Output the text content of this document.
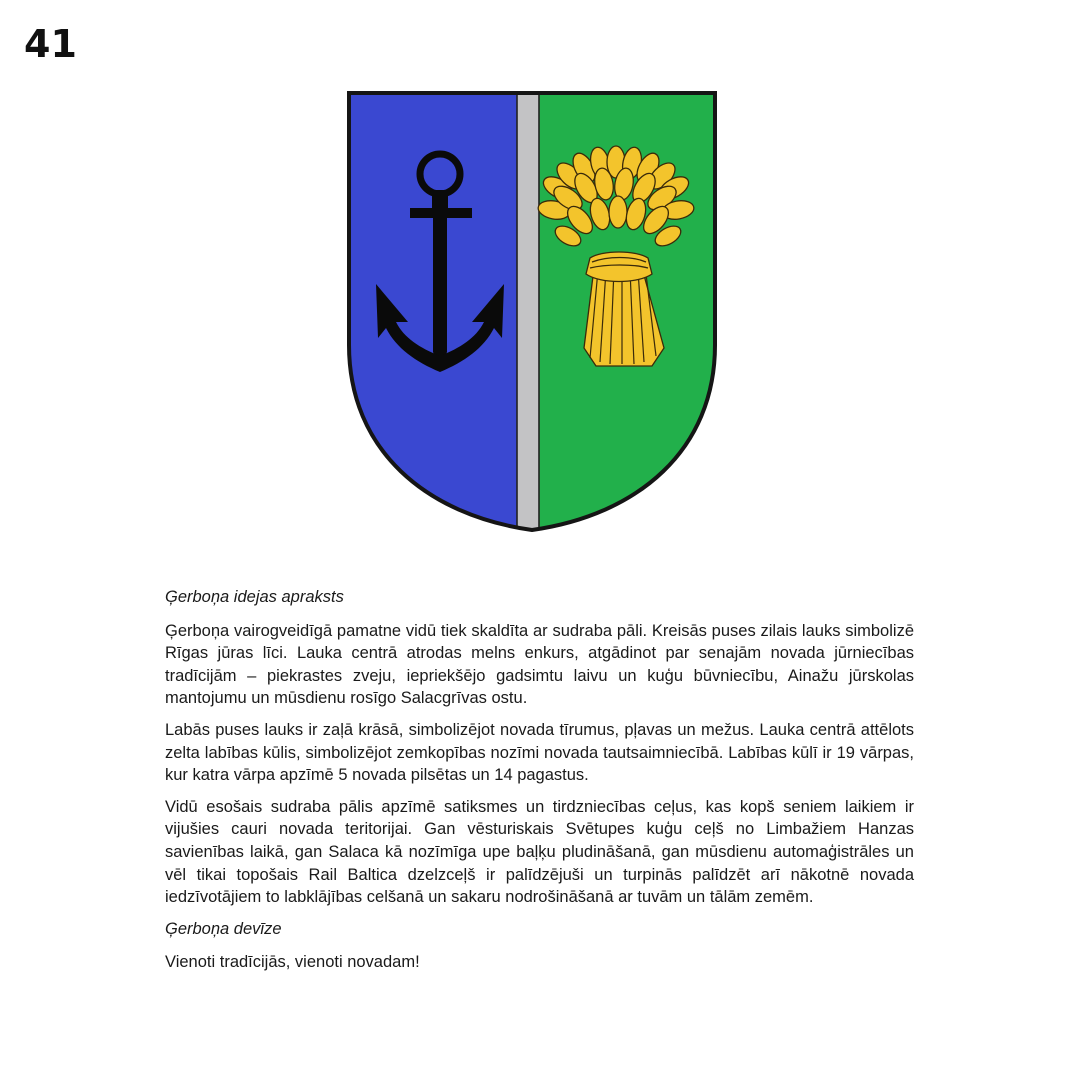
41

Ģerboņa idejas apraksts

Ģerboņa vairogveidīgā pamatne vidū tiek skaldīta ar sudraba pāli. Kreisās puses zilais lauks simbolizē Rīgas jūras līci. Lauka centrā atrodas melns enkurs, atgādinot par senajām novada jūrniecības tradīcijām – piekrastes zveju, iepriekšējo gadsimtu laivu un kuģu būvniecību, Ainažu jūrskolas mantojumu un mūsdienu rosīgo Salacgrīvas ostu.

Labās puses lauks ir zaļā krāsā, simbolizējot novada tīrumus, pļavas un mežus. Lauka centrā attēlots zelta labības kūlis, simbolizējot zemkopības nozīmi novada tautsaimniecībā. Labības kūlī ir 19 vārpas, kur katra vārpa apzīmē 5 novada pilsētas un 14 pagastus.

Vidū esošais sudraba pālis apzīmē satiksmes un tirdzniecības ceļus, kas kopš seniem laikiem ir vijušies cauri novada teritorijai. Gan vēsturiskais Svētupes kuģu ceļš no Limbažiem Hanzas savienības laikā, gan Salaca kā nozīmīga upe baļķu pludināšanā, gan mūsdienu automaģistrāles un vēl tikai topošais Rail Baltica dzelzceļš ir palīdzējuši un turpinās palīdzēt arī nākotnē novada iedzīvotājiem to labklājības celšanā un sakaru nodrošināšanā ar tuvām un tālām zemēm.

Ģerboņa devīze

Vienoti tradīcijās, vienoti novadam!
